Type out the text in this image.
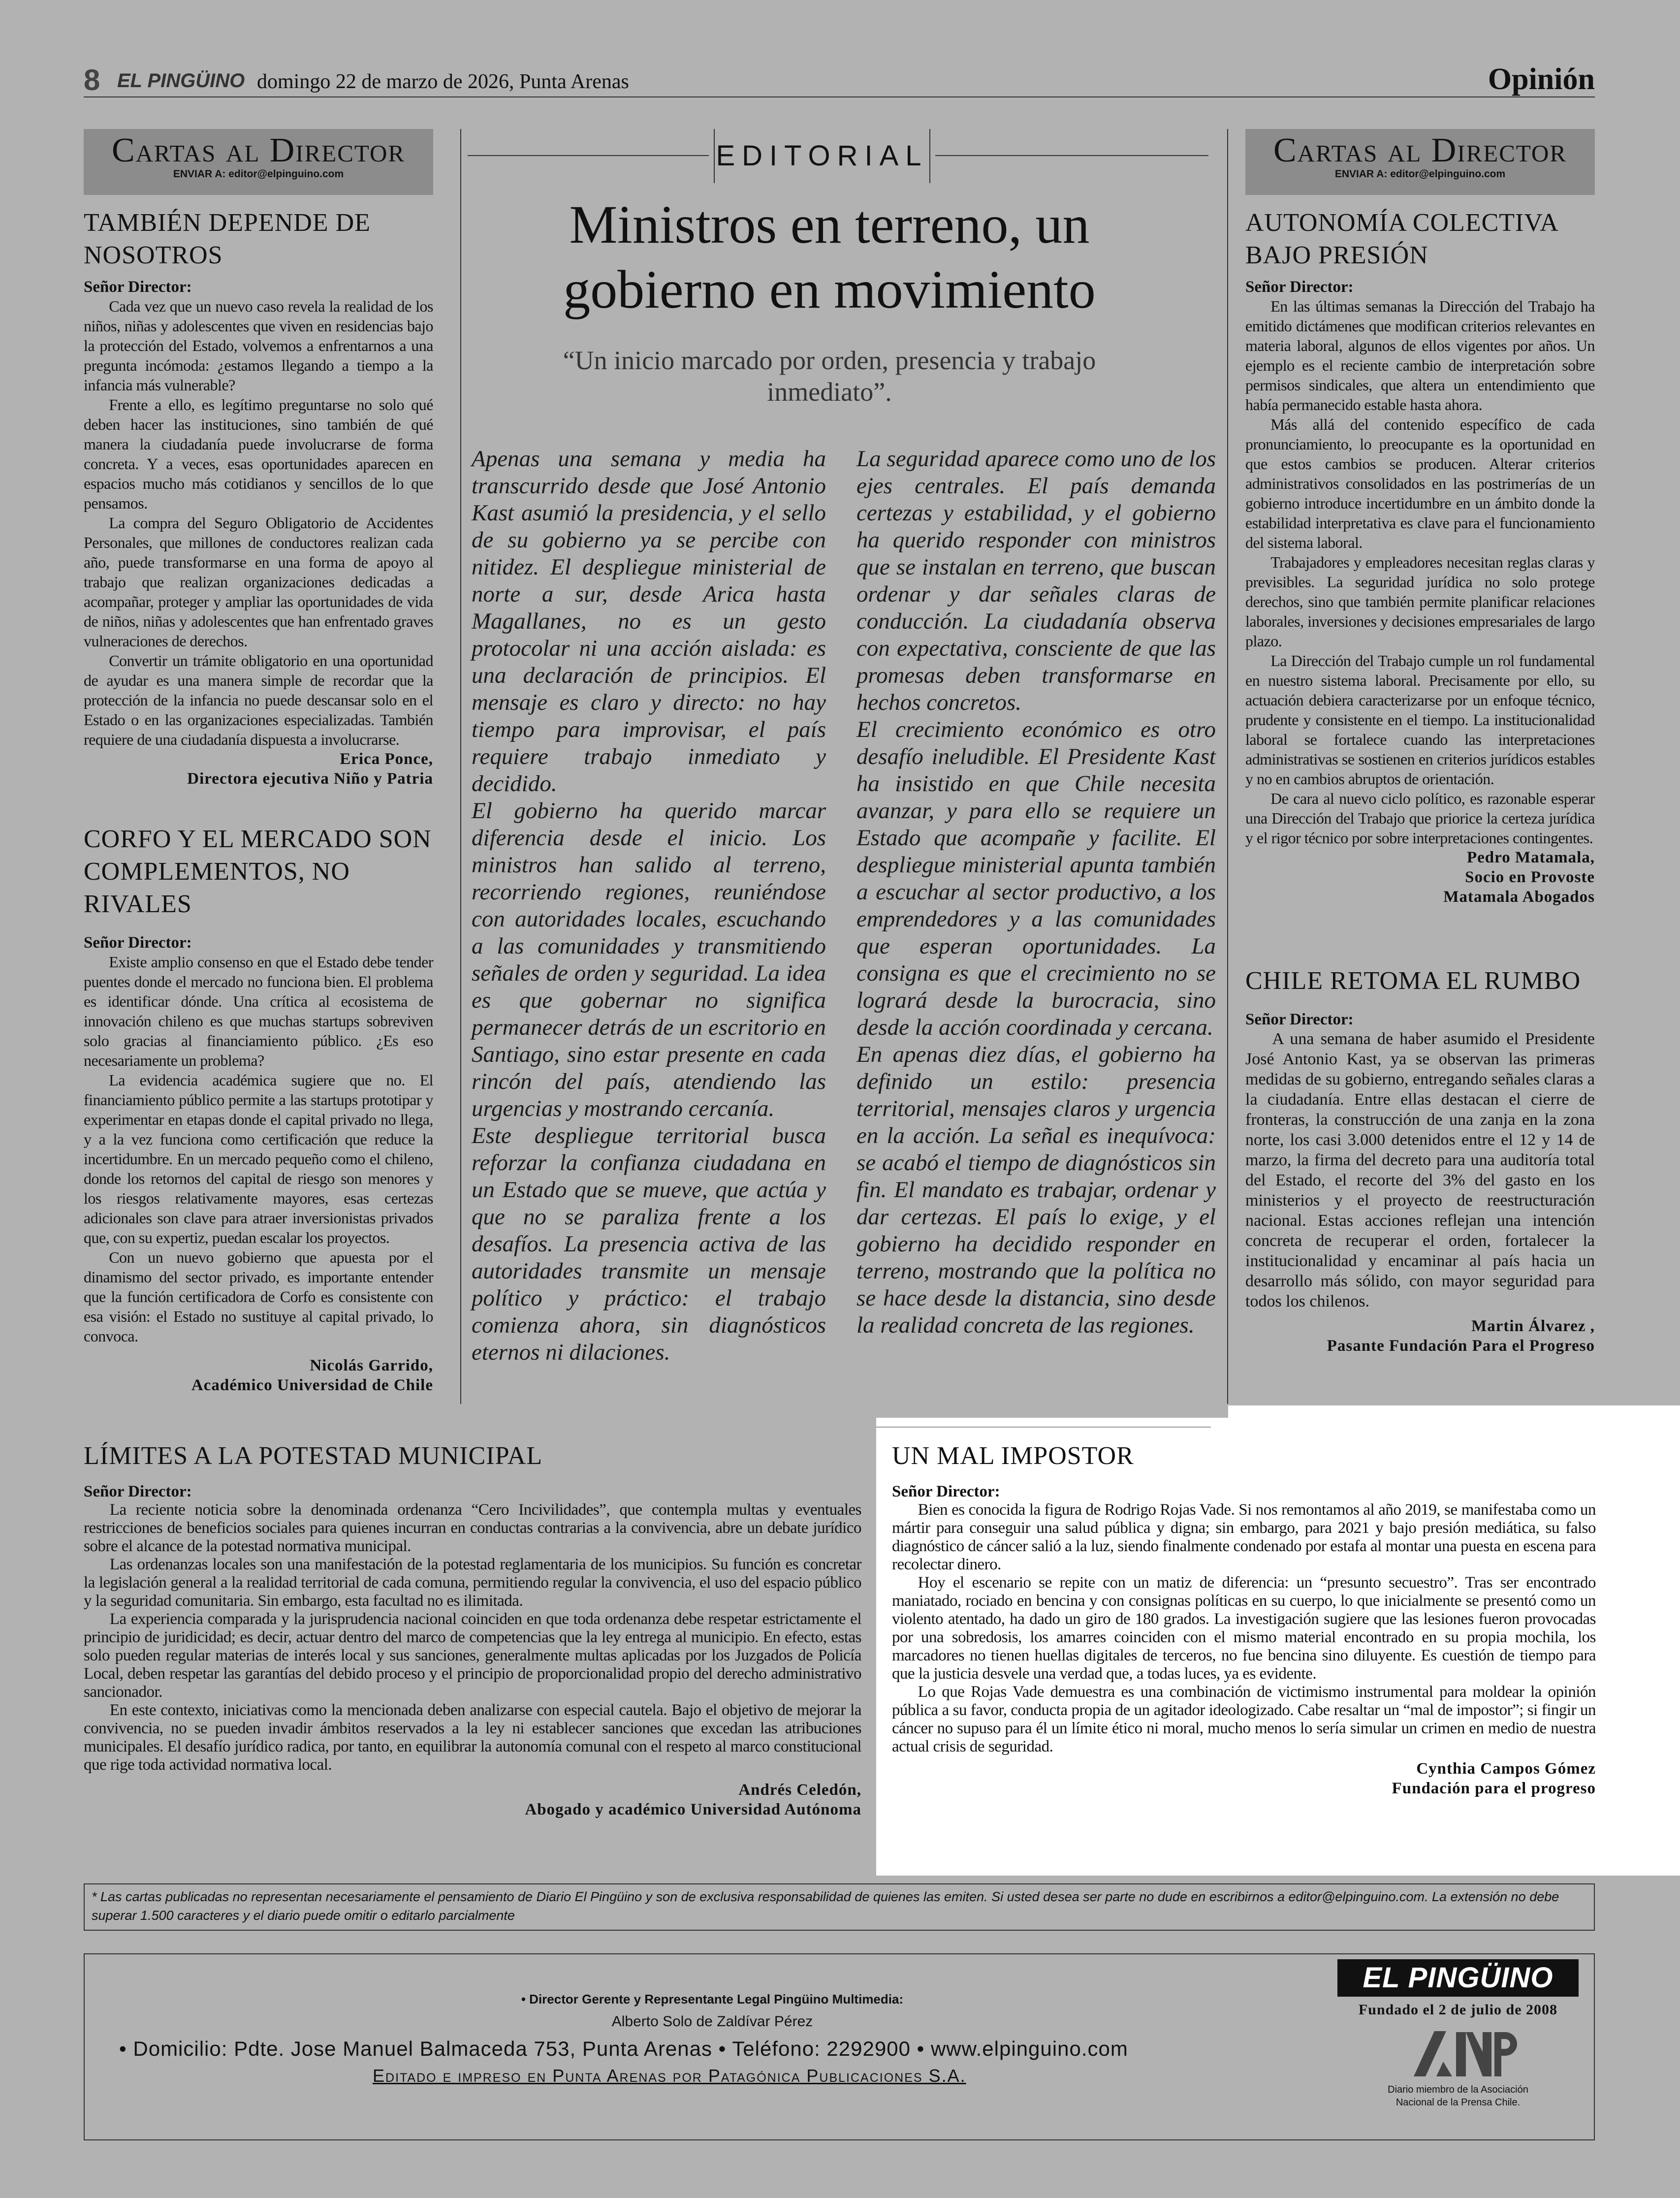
8 EL PINGÜINO domingo 22 de marzo de 2026, Punta Arenas	Opinión
Cartas al Director
ENVIAR A: editor@elpinguino.com
TAMBIÉN DEPENDE DE NOSOTROS
Señor Director:

Cada vez que un nuevo caso revela la realidad de los niños, niñas y adolescentes que viven en residencias bajo la protección del Estado, volvemos a enfrentarnos a una pregunta incómoda: ¿estamos llegando a tiempo a la infancia más vulnerable?

Frente a ello, es legítimo preguntarse no solo qué deben hacer las instituciones, sino también de qué manera la ciudadanía puede involucrarse de forma concreta. Y a veces, esas oportunidades aparecen en espacios mucho más cotidianos y sencillos de lo que pensamos.

La compra del Seguro Obligatorio de Accidentes Personales, que millones de conductores realizan cada año, puede transformarse en una forma de apoyo al trabajo que realizan organizaciones dedicadas a acompañar, proteger y ampliar las oportunidades de vida de niños, niñas y adolescentes que han enfrentado graves vulneraciones de derechos.

Convertir un trámite obligatorio en una oportunidad de ayudar es una manera simple de recordar que la protección de la infancia no puede descansar solo en el Estado o en las organizaciones especializadas. También requiere de una ciudadanía dispuesta a involucrarse.

Erica Ponce,
Directora ejecutiva Niño y Patria
CORFO Y EL MERCADO SON COMPLEMENTOS, NO RIVALES
Señor Director:

Existe amplio consenso en que el Estado debe tender puentes donde el mercado no funciona bien. El problema es identificar dónde. Una crítica al ecosistema de innovación chileno es que muchas startups sobreviven solo gracias al financiamiento público. ¿Es eso necesariamente un problema?

La evidencia académica sugiere que no. El financiamiento público permite a las startups prototipar y experimentar en etapas donde el capital privado no llega, y a la vez funciona como certificación que reduce la incertidumbre. En un mercado pequeño como el chileno, donde los retornos del capital de riesgo son menores y los riesgos relativamente mayores, esas certezas adicionales son clave para atraer inversionistas privados que, con su expertiz, puedan escalar los proyectos.

Con un nuevo gobierno que apuesta por el dinamismo del sector privado, es importante entender que la función certificadora de Corfo es consistente con esa visión: el Estado no sustituye al capital privado, lo convoca.

Nicolás Garrido,
Académico Universidad de Chile
EDITORIAL
Ministros en terreno, un gobierno en movimiento
“Un inicio marcado por orden, presencia y trabajo inmediato”.

Apenas una semana y media ha transcurrido desde que José Antonio Kast asumió la presidencia, y el sello de su gobierno ya se percibe con nitidez. El despliegue ministerial de norte a sur, desde Arica hasta Magallanes, no es un gesto protocolar ni una acción aislada: es una declaración de principios. El mensaje es claro y directo: no hay tiempo para improvisar, el país requiere trabajo inmediato y decidido.

El gobierno ha querido marcar diferencia desde el inicio. Los ministros han salido al terreno, recorriendo regiones, reuniéndose con autoridades locales, escuchando a las comunidades y transmitiendo señales de orden y seguridad. La idea es que gobernar no significa permanecer detrás de un escritorio en Santiago, sino estar presente en cada rincón del país, atendiendo las urgencias y mostrando cercanía.

Este despliegue territorial busca reforzar la confianza ciudadana en un Estado que se mueve, que actúa y que no se paraliza frente a los desafíos. La presencia activa de las autoridades transmite un mensaje político y práctico: el trabajo comienza ahora, sin diagnósticos eternos ni dilaciones.

La seguridad aparece como uno de los ejes centrales. El país demanda certezas y estabilidad, y el gobierno ha querido responder con ministros que se instalan en terreno, que buscan ordenar y dar señales claras de conducción. La ciudadanía observa con expectativa, consciente de que las promesas deben transformarse en hechos concretos.

El crecimiento económico es otro desafío ineludible. El Presidente Kast ha insistido en que Chile necesita avanzar, y para ello se requiere un Estado que acompañe y facilite. El despliegue ministerial apunta también a escuchar al sector productivo, a los emprendedores y a las comunidades que esperan oportunidades. La consigna es que el crecimiento no se logrará desde la burocracia, sino desde la acción coordinada y cercana.

En apenas diez días, el gobierno ha definido un estilo: presencia territorial, mensajes claros y urgencia en la acción. La señal es inequívoca: se acabó el tiempo de diagnósticos sin fin. El mandato es trabajar, ordenar y dar certezas. El país lo exige, y el gobierno ha decidido responder en terreno, mostrando que la política no se hace desde la distancia, sino desde la realidad concreta de las regiones.

Cartas al Director
ENVIAR A: editor@elpinguino.com
AUTONOMÍA COLECTIVA BAJO PRESIÓN
Señor Director:

En las últimas semanas la Dirección del Trabajo ha emitido dictámenes que modifican criterios relevantes en materia laboral, algunos de ellos vigentes por años. Un ejemplo es el reciente cambio de interpretación sobre permisos sindicales, que altera un entendimiento que había permanecido estable hasta ahora.

Más allá del contenido específico de cada pronunciamiento, lo preocupante es la oportunidad en que estos cambios se producen. Alterar criterios administrativos consolidados en las postrimerías de un gobierno introduce incertidumbre en un ámbito donde la estabilidad interpretativa es clave para el funcionamiento del sistema laboral.

Trabajadores y empleadores necesitan reglas claras y previsibles. La seguridad jurídica no solo protege derechos, sino que también permite planificar relaciones laborales, inversiones y decisiones empresariales de largo plazo.

La Dirección del Trabajo cumple un rol fundamental en nuestro sistema laboral. Precisamente por ello, su actuación debiera caracterizarse por un enfoque técnico, prudente y consistente en el tiempo. La institucionalidad laboral se fortalece cuando las interpretaciones administrativas se sostienen en criterios jurídicos estables y no en cambios abruptos de orientación.

De cara al nuevo ciclo político, es razonable esperar una Dirección del Trabajo que priorice la certeza jurídica y el rigor técnico por sobre interpretaciones contingentes.

Pedro Matamala,
Socio en Provoste
Matamala Abogados
CHILE RETOMA EL RUMBO
Señor Director:

A una semana de haber asumido el Presidente José Antonio Kast, ya se observan las primeras medidas de su gobierno, entregando señales claras a la ciudadanía. Entre ellas destacan el cierre de fronteras, la construcción de una zanja en la zona norte, los casi 3.000 detenidos entre el 12 y 14 de marzo, la firma del decreto para una auditoría total del Estado, el recorte del 3% del gasto en los ministerios y el proyecto de reestructuración nacional. Estas acciones reflejan una intención concreta de recuperar el orden, fortalecer la institucionalidad y encaminar al país hacia un desarrollo más sólido, con mayor seguridad para todos los chilenos.

Martin Álvarez ,
Pasante Fundación Para el Progreso
LÍMITES A LA POTESTAD MUNICIPAL
Señor Director:

La reciente noticia sobre la denominada ordenanza “Cero Incivilidades”, que contempla multas y eventuales restricciones de beneficios sociales para quienes incurran en conductas contrarias a la convivencia, abre un debate jurídico sobre el alcance de la potestad normativa municipal.

Las ordenanzas locales son una manifestación de la potestad reglamentaria de los municipios. Su función es concretar la legislación general a la realidad territorial de cada comuna, permitiendo regular la convivencia, el uso del espacio público y la seguridad comunitaria. Sin embargo, esta facultad no es ilimitada.

La experiencia comparada y la jurisprudencia nacional coinciden en que toda ordenanza debe respetar estrictamente el principio de juridicidad; es decir, actuar dentro del marco de competencias que la ley entrega al municipio. En efecto, estas solo pueden regular materias de interés local y sus sanciones, generalmente multas aplicadas por los Juzgados de Policía Local, deben respetar las garantías del debido proceso y el principio de proporcionalidad propio del derecho administrativo sancionador.

En este contexto, iniciativas como la mencionada deben analizarse con especial cautela. Bajo el objetivo de mejorar la convivencia, no se pueden invadir ámbitos reservados a la ley ni establecer sanciones que excedan las atribuciones municipales. El desafío jurídico radica, por tanto, en equilibrar la autonomía comunal con el respeto al marco constitucional que rige toda actividad normativa local.

Andrés Celedón,
Abogado y académico Universidad Autónoma
UN MAL IMPOSTOR
Señor Director:

Bien es conocida la figura de Rodrigo Rojas Vade. Si nos remontamos al año 2019, se manifestaba como un mártir para conseguir una salud pública y digna; sin embargo, para 2021 y bajo presión mediática, su falso diagnóstico de cáncer salió a la luz, siendo finalmente condenado por estafa al montar una puesta en escena para recolectar dinero.

Hoy el escenario se repite con un matiz de diferencia: un “presunto secuestro”. Tras ser encontrado maniatado, rociado en bencina y con consignas políticas en su cuerpo, lo que inicialmente se presentó como un violento atentado, ha dado un giro de 180 grados. La investigación sugiere que las lesiones fueron provocadas por una sobredosis, los amarres coinciden con el mismo material encontrado en su propia mochila, los marcadores no tienen huellas digitales de terceros, no fue bencina sino diluyente. Es cuestión de tiempo para que la justicia desvele una verdad que, a todas luces, ya es evidente.

Lo que Rojas Vade demuestra es una combinación de victimismo instrumental para moldear la opinión pública a su favor, conducta propia de un agitador ideologizado. Cabe resaltar un “mal de impostor”; si fingir un cáncer no supuso para él un límite ético ni moral, mucho menos lo sería simular un crimen en medio de nuestra actual crisis de seguridad.

Cynthia Campos Gómez
Fundación para el progreso
* Las cartas publicadas no representan necesariamente el pensamiento de Diario El Pingüino y son de exclusiva responsabilidad de quienes las emiten. Si usted desea ser parte no dude en escribirnos a editor@elpinguino.com. La extensión no debe superar 1.500 caracteres y el diario puede omitir o editarlo parcialmente
• Director Gerente y Representante Legal Pingüino Multimedia:
Alberto Solo de Zaldívar Pérez
• Domicilio: Pdte. Jose Manuel Balmaceda 753, Punta Arenas • Teléfono: 2292900 • www.elpinguino.com
Editado e impreso en Punta Arenas por Patagónica Publicaciones S.A.
EL PINGÜINO
Fundado el 2 de julio de 2008
Diario miembro de la Asociación
Nacional de la Prensa Chile.
